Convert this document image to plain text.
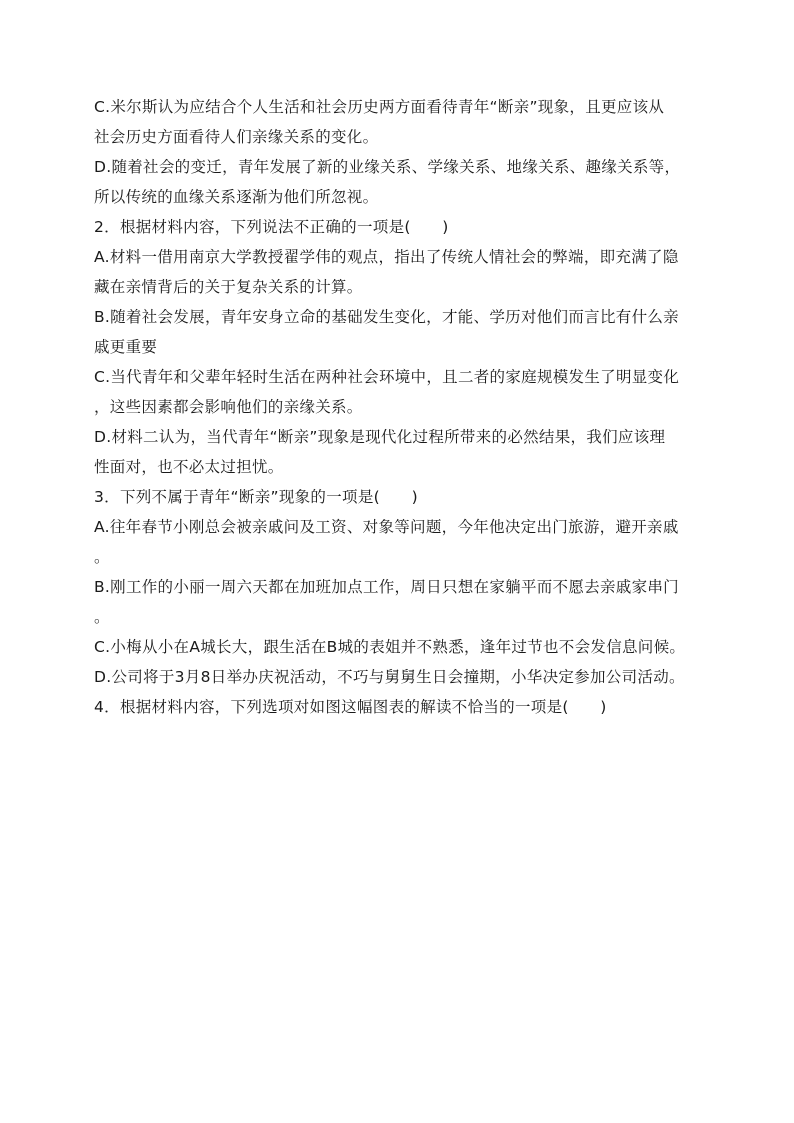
C.米尔斯认为应结合个人生活和社会历史两方面看待青年“断亲”现象，且更应该从
社会历史方面看待人们亲缘关系的变化。
D.随着社会的变迁，青年发展了新的业缘关系、学缘关系、地缘关系、趣缘关系等，
所以传统的血缘关系逐渐为他们所忽视。
2．根据材料内容，下列说法不正确的一项是(　　)
A.材料一借用南京大学教授翟学伟的观点，指出了传统人情社会的弊端，即充满了隐
藏在亲情背后的关于复杂关系的计算。
B.随着社会发展，青年安身立命的基础发生变化，才能、学历对他们而言比有什么亲
戚更重要
C.当代青年和父辈年轻时生活在两种社会环境中，且二者的家庭规模发生了明显变化
，这些因素都会影响他们的亲缘关系。
D.材料二认为，当代青年“断亲”现象是现代化过程所带来的必然结果，我们应该理
性面对，也不必太过担忧。
3．下列不属于青年“断亲”现象的一项是(　　)
A.往年春节小刚总会被亲戚问及工资、对象等问题，今年他决定出门旅游，避开亲戚
。
B.刚工作的小丽一周六天都在加班加点工作，周日只想在家躺平而不愿去亲戚家串门
。
C.小梅从小在A城长大，跟生活在B城的表姐并不熟悉，逢年过节也不会发信息问候。
D.公司将于3月8日举办庆祝活动，不巧与舅舅生日会撞期，小华决定参加公司活动。
4．根据材料内容，下列选项对如图这幅图表的解读不恰当的一项是(　　)
